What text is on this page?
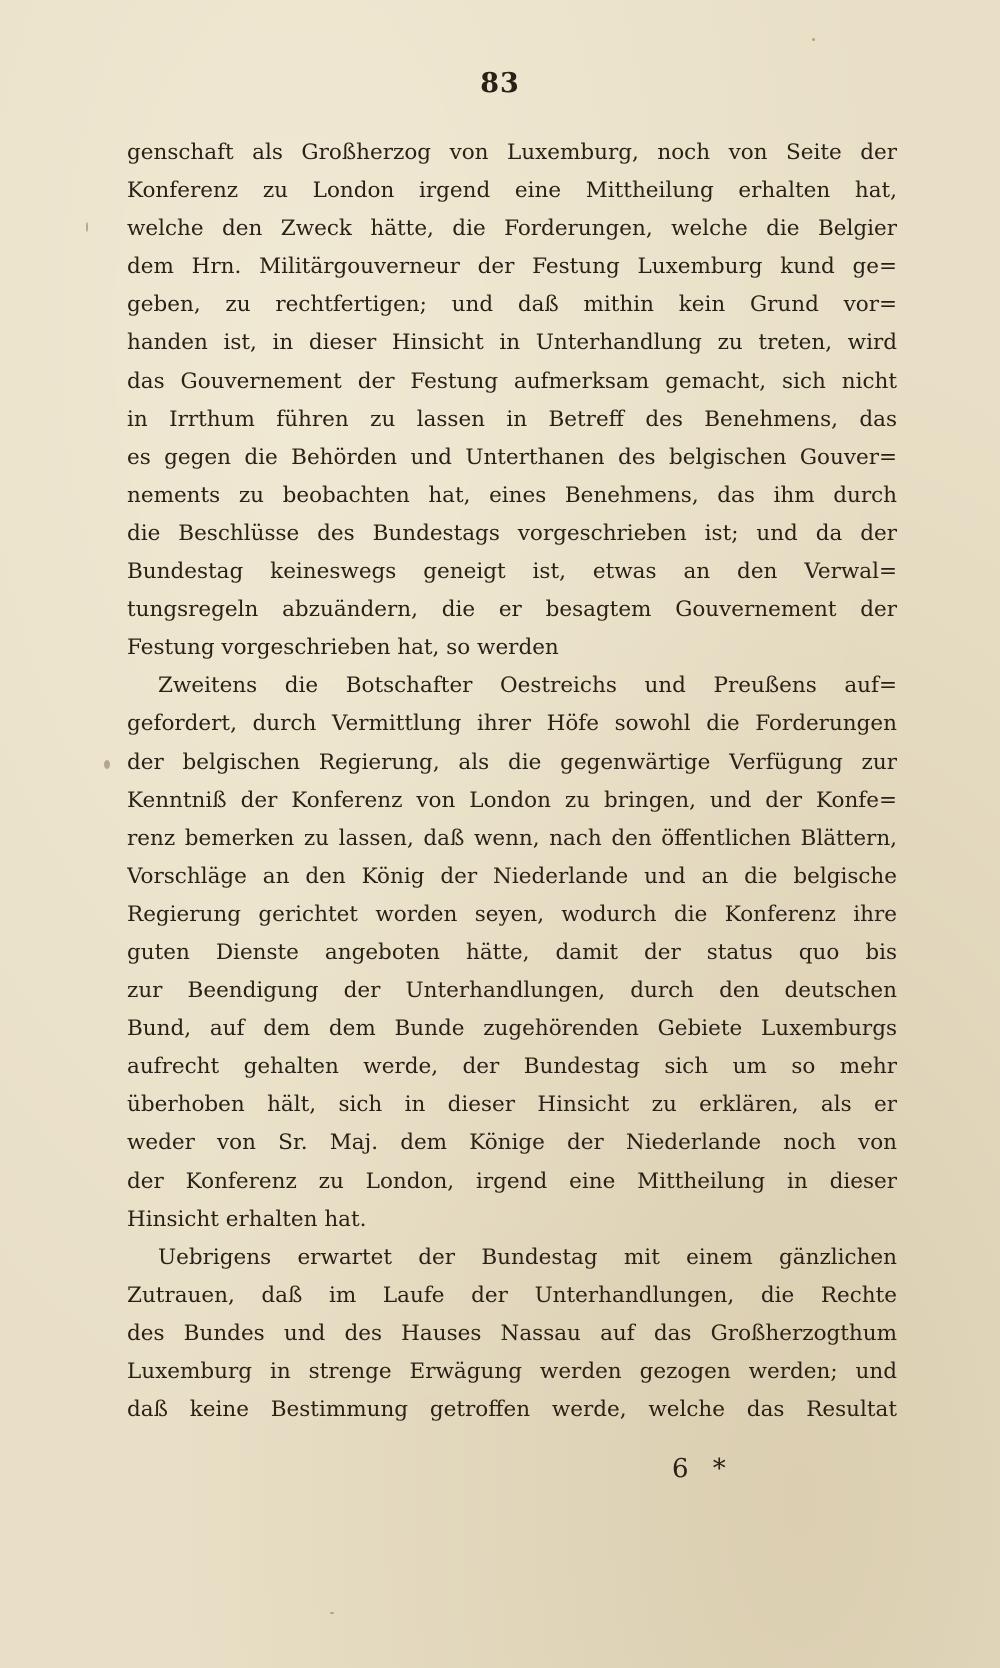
83
genschaft als Großherzog von Luxemburg, noch von Seite der
Konferenz zu London irgend eine Mittheilung erhalten hat,
welche den Zweck hätte, die Forderungen, welche die Belgier
dem Hrn. Militärgouverneur der Festung Luxemburg kund ge=
geben, zu rechtfertigen; und daß mithin kein Grund vor=
handen ist, in dieser Hinsicht in Unterhandlung zu treten, wird
das Gouvernement der Festung aufmerksam gemacht, sich nicht
in Irrthum führen zu lassen in Betreff des Benehmens, das
es gegen die Behörden und Unterthanen des belgischen Gouver=
nements zu beobachten hat, eines Benehmens, das ihm durch
die Beschlüsse des Bundestags vorgeschrieben ist; und da der
Bundestag keineswegs geneigt ist, etwas an den Verwal=
tungsregeln abzuändern, die er besagtem Gouvernement der
Festung vorgeschrieben hat, so werden
Zweitens die Botschafter Oestreichs und Preußens auf=
gefordert, durch Vermittlung ihrer Höfe sowohl die Forderungen
der belgischen Regierung, als die gegenwärtige Verfügung zur
Kenntniß der Konferenz von London zu bringen, und der Konfe=
renz bemerken zu lassen, daß wenn, nach den öffentlichen Blättern,
Vorschläge an den König der Niederlande und an die belgische
Regierung gerichtet worden seyen, wodurch die Konferenz ihre
guten Dienste angeboten hätte, damit der status quo bis
zur Beendigung der Unterhandlungen, durch den deutschen
Bund, auf dem dem Bunde zugehörenden Gebiete Luxemburgs
aufrecht gehalten werde, der Bundestag sich um so mehr
überhoben hält, sich in dieser Hinsicht zu erklären, als er
weder von Sr. Maj. dem Könige der Niederlande noch von
der Konferenz zu London, irgend eine Mittheilung in dieser
Hinsicht erhalten hat.
Uebrigens erwartet der Bundestag mit einem gänzlichen
Zutrauen, daß im Laufe der Unterhandlungen, die Rechte
des Bundes und des Hauses Nassau auf das Großherzogthum
Luxemburg in strenge Erwägung werden gezogen werden; und
daß keine Bestimmung getroffen werde, welche das Resultat
6 *
